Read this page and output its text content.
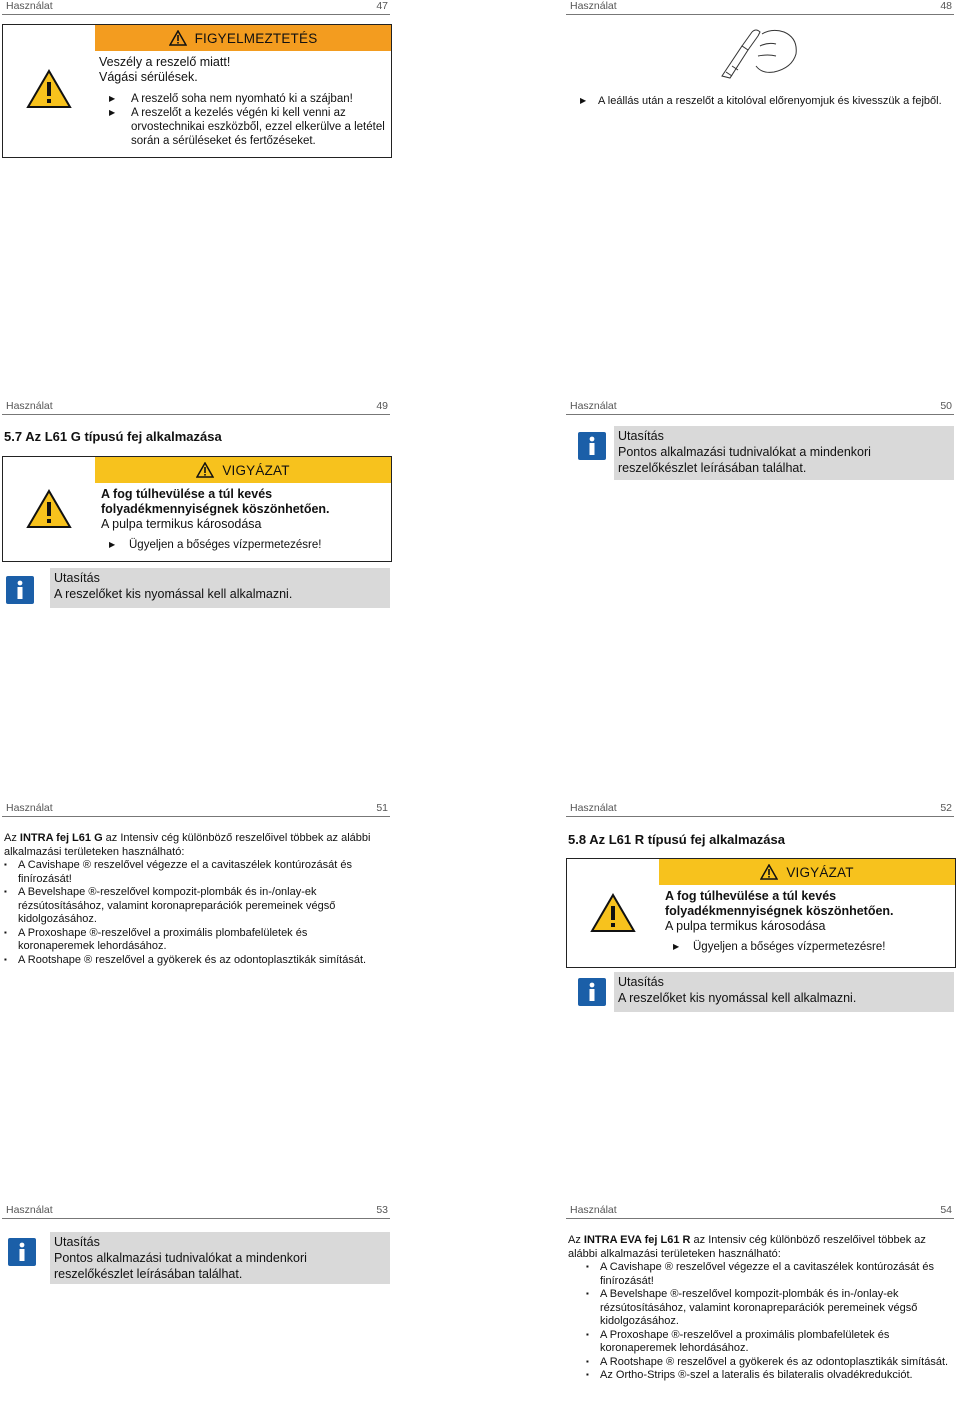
Használat	47
FIGYELMEZTETÉS
Veszély a reszelő miatt!
Vágási sérülések.
▶ A reszelő soha nem nyomható ki a szájban!
▶ A reszelőt a kezelés végén ki kell venni az orvostechnikai eszközből, ezzel elkerülve a letétel során a sérüléseket és fertőzéseket.
Használat	48
▶ A leállás után a reszelőt a kitolóval előrenyomjuk és kivesszük a fejből.
Használat	49
5.7 Az L61 G típusú fej alkalmazása
VIGYÁZAT
A fog túlhevülése a túl kevés folyadékmennyiségnek köszönhetően.
A pulpa termikus károsodása
▶ Ügyeljen a bőséges vízpermetezésre!
Utasítás
A reszelőket kis nyomással kell alkalmazni.
Használat	50
Utasítás
Pontos alkalmazási tudnivalókat a mindenkori reszelőkészlet leírásában találhat.
Használat	51
Az INTRA fej L61 G az Intensiv cég különböző reszelőivel többek az alábbi alkalmazási területeken használható:
▪ A Cavishape ® reszelővel végezze el a cavitaszélek kontúrozását és finírozását!
▪ A Bevelshape ®-reszelővel kompozit-plombák és in-/onlay-ek rézsútosításához, valamint koronapreparációk peremeinek végső kidolgozásához.
▪ A Proxoshape ®-reszelővel a proximális plombafelületek és koronaperemek lehordásához.
▪ A Rootshape ® reszelővel a gyökerek és az odontoplasztikák simítását.
Használat	52
5.8 Az L61 R típusú fej alkalmazása
VIGYÁZAT
A fog túlhevülése a túl kevés folyadékmennyiségnek köszönhetően.
A pulpa termikus károsodása
▶ Ügyeljen a bőséges vízpermetezésre!
Utasítás
A reszelőket kis nyomással kell alkalmazni.
Használat	53
Utasítás
Pontos alkalmazási tudnivalókat a mindenkori reszelőkészlet leírásában találhat.
Használat	54
Az INTRA EVA fej L61 R az Intensiv cég különböző reszelőivel többek az alábbi alkalmazási területeken használható:
▪ A Cavishape ® reszelővel végezze el a cavitaszélek kontúrozását és finírozását!
▪ A Bevelshape ®-reszelővel kompozit-plombák és in-/onlay-ek rézsútosításához, valamint koronapreparációk peremeinek végső kidolgozásához.
▪ A Proxoshape ®-reszelővel a proximális plombafelületek és koronaperemek lehordásához.
▪ A Rootshape ® reszelővel a gyökerek és az odontoplasztikák simítását.
▪ Az Ortho-Strips ®-szel a lateralis és bilateralis olvadékredukciót.
